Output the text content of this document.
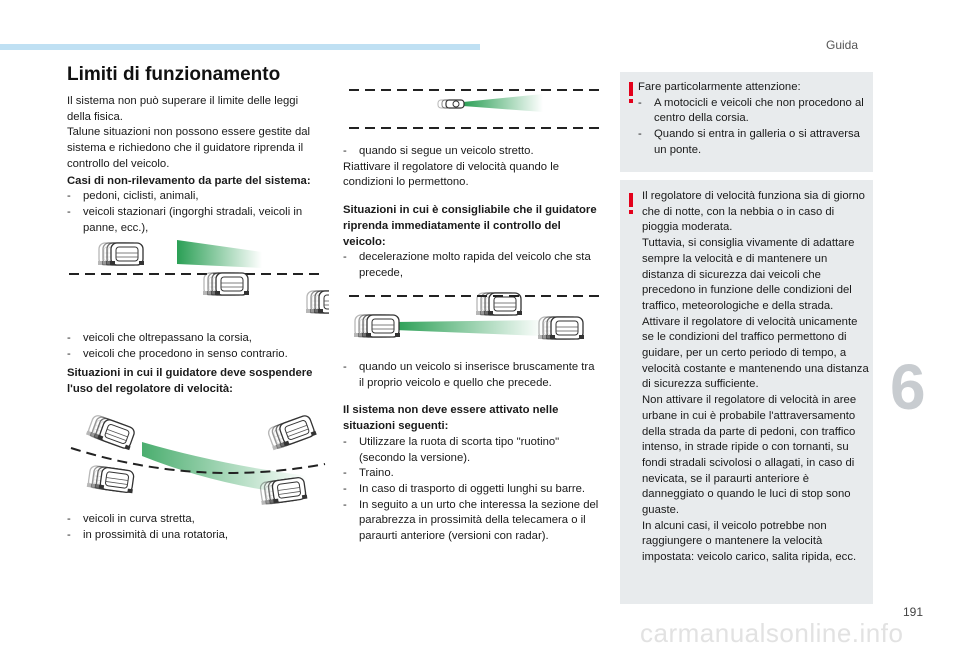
Guida
6
191
carmanualsonline.info
Limiti di funzionamento

Il sistema non può superare il limite delle leggi della fisica.

Talune situazioni non possono essere gestite dal sistema e richiedono che il guidatore riprenda il controllo del veicolo.

Casi di non-rilevamento da parte del sistema:

-	pedoni, ciclisti, animali,
-	veicoli stazionari (ingorghi stradali, veicoli in panne, ecc.),
-	veicoli che oltrepassano la corsia,
-	veicoli che procedono in senso contrario.

Situazioni in cui il guidatore deve sospendere l'uso del regolatore di velocità:

-	veicoli in curva stretta,
-	in prossimità di una rotatoria,
-	quando si segue un veicolo stretto.

Riattivare il regolatore di velocità quando le condizioni lo permettono.

Situazioni in cui è consigliabile che il guidatore riprenda immediatamente il controllo del veicolo:

-	decelerazione molto rapida del veicolo che sta precede,
-	quando un veicolo si inserisce bruscamente tra il proprio veicolo e quello che precede.

Il sistema non deve essere attivato nelle situazioni seguenti:

-	Utilizzare la ruota di scorta tipo "ruotino" (secondo la versione).
-	Traino.
-	In caso di trasporto di oggetti lunghi su barre.
-	In seguito a un urto che interessa la sezione del parabrezza in prossimità della telecamera o il paraurti anteriore (versioni con radar).

Fare particolarmente attenzione:

-	A motocicli e veicoli che non procedono al centro della corsia.
-	Quando si entra in galleria o si attraversa un ponte.

Il regolatore di velocità funziona sia di giorno che di notte, con la nebbia o in caso di pioggia moderata.

Tuttavia, si consiglia vivamente di adattare sempre la velocità e di mantenere un distanza di sicurezza dai veicoli che precedono in funzione delle condizioni del traffico, meteorologiche e della strada.

Attivare il regolatore di velocità unicamente se le condizioni del traffico permettono di guidare, per un certo periodo di tempo, a velocità costante e mantenendo una distanza di sicurezza sufficiente.

Non attivare il regolatore di velocità in aree urbane in cui è probabile l'attraversamento della strada da parte di pedoni, con traffico intenso, in strade ripide o con tornanti, su fondi stradali scivolosi o allagati, in caso di nevicata, se il paraurti anteriore è danneggiato o quando le luci di stop sono guaste.

In alcuni casi, il veicolo potrebbe non raggiungere o mantenere la velocità impostata: veicolo carico, salita ripida, ecc.
